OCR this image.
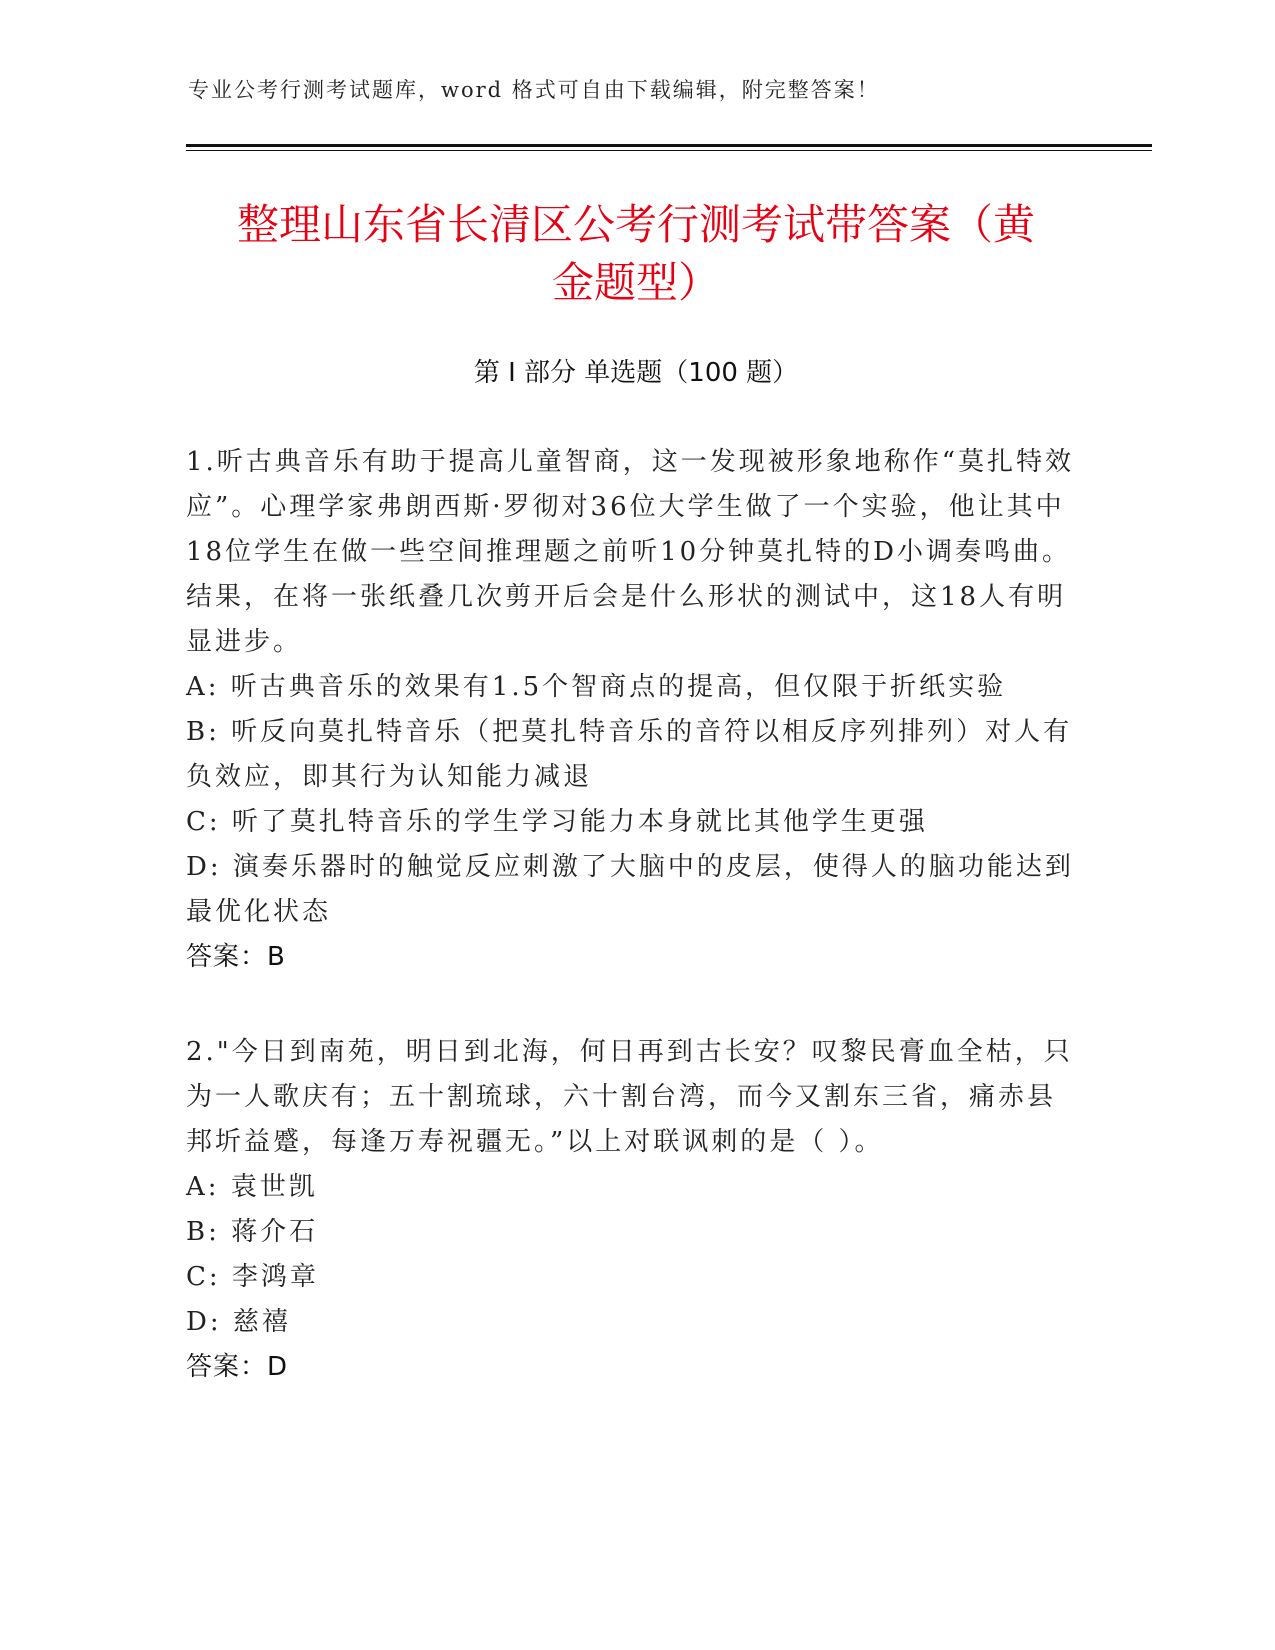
专业公考行测考试题库，word 格式可自由下载编辑，附完整答案！
整理山东省长清区公考行测考试带答案（黄
金题型）
第 I 部分 单选题（100 题）

1.听古典音乐有助于提高儿童智商，这一发现被形象地称作“莫扎特效应”。心理学家弗朗西斯·罗彻对36位大学生做了一个实验，他让其中18位学生在做一些空间推理题之前听10分钟莫扎特的D小调奏鸣曲。结果，在将一张纸叠几次剪开后会是什么形状的测试中，这18人有明显进步。

A: 听古典音乐的效果有1.5个智商点的提高，但仅限于折纸实验

B: 听反向莫扎特音乐（把莫扎特音乐的音符以相反序列排列）对人有负效应，即其行为认知能力减退

C: 听了莫扎特音乐的学生学习能力本身就比其他学生更强

D: 演奏乐器时的触觉反应刺激了大脑中的皮层，使得人的脑功能达到最优化状态

答案：B

2."今日到南苑，明日到北海，何日再到古长安？叹黎民膏血全枯，只为一人歌庆有；五十割琉球，六十割台湾，而今又割东三省，痛赤县邦圻益蹙，每逢万寿祝疆无。”以上对联讽刺的是（ ）。

A: 袁世凯

B: 蒋介石

C: 李鸿章

D: 慈禧

答案：D
